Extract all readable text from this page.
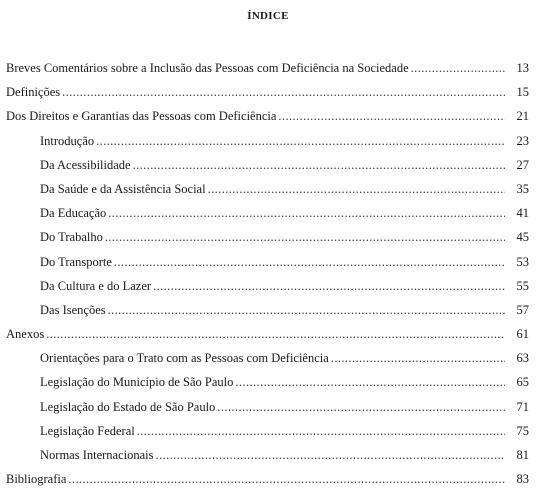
ÍNDICE
Breves Comentários sobre a Inclusão das Pessoas com Deficiência na Sociedade .....	13
Definições .....	15
Dos Direitos e Garantias das Pessoas com Deficiência .....	21
Introdução .....	23
Da Acessibilidade .....	27
Da Saúde e da Assistência Social .....	35
Da Educação .....	41
Do Trabalho .....	45
Do Transporte .....	53
Da Cultura e do Lazer .....	55
Das Isenções .....	57
Anexos .....	61
Orientações para o Trato com as Pessoas com Deficiência .....	63
Legislação do Município de São Paulo .....	65
Legislação do Estado de São Paulo .....	71
Legislação Federal .....	75
Normas Internacionais .....	81
Bibliografia .....	83
